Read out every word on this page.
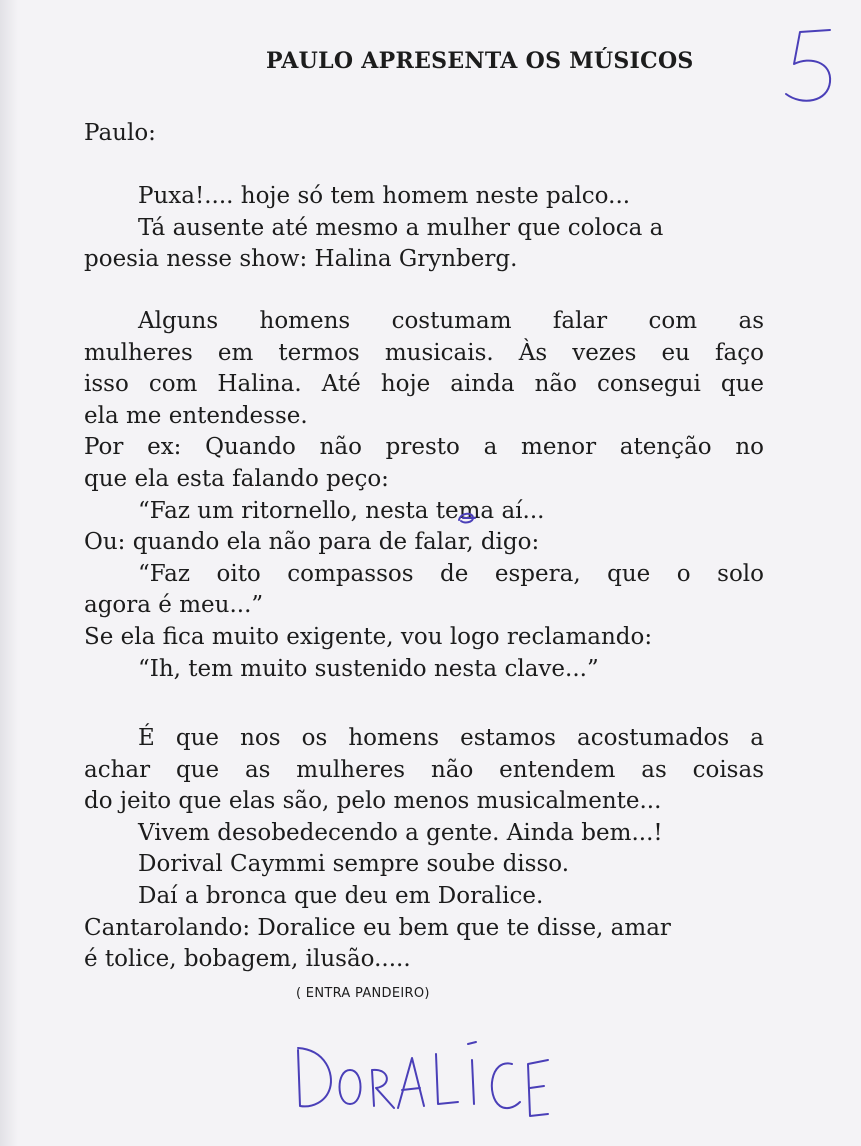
PAULO APRESENTA OS MÚSICOS
Paulo:
Puxa!.... hoje só tem homem neste palco...
Tá ausente até mesmo a mulher que coloca a
poesia nesse show: Halina Grynberg.
Alguns homens costumam falar com as
mulheres em termos musicais. Às vezes eu faço
isso com Halina. Até hoje ainda não consegui que
ela me entendesse.
Por ex: Quando não presto a menor atenção no
que ela esta falando peço:
“Faz um ritornello, nesta tema aí...
Ou: quando ela não para de falar, digo:
“Faz oito compassos de espera, que o solo
agora é meu...”
Se ela fica muito exigente, vou logo reclamando:
“Ih, tem muito sustenido nesta clave...”
É que nos os homens estamos acostumados a
achar que as mulheres não entendem as coisas
do jeito que elas são, pelo menos musicalmente...
Vivem desobedecendo a gente. Ainda bem...!
Dorival Caymmi sempre soube disso.
Daí a bronca que deu em Doralice.
Cantarolando: Doralice eu bem que te disse, amar
é tolice, bobagem, ilusão.....
( ENTRA PANDEIRO)
